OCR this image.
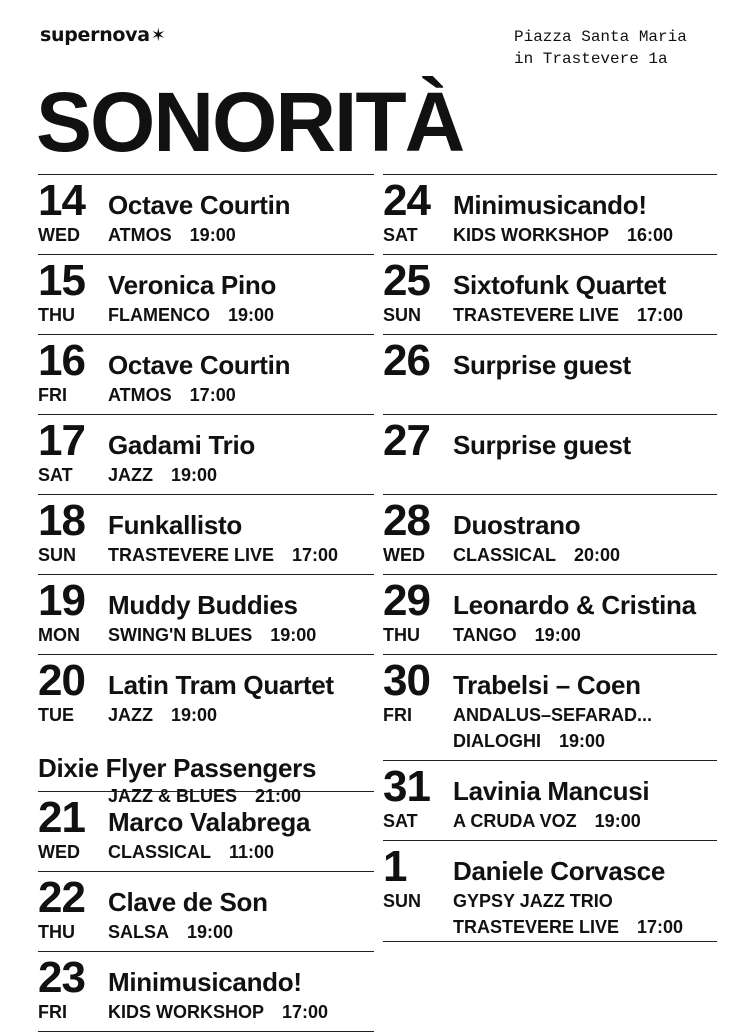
supernova✶	Piazza Santa Maria
in Trastevere 1a
SONORITÀ
14 Octave Courtin
WED ATMOS 19:00
15 Veronica Pino
THU FLAMENCO 19:00
16 Octave Courtin
FRI ATMOS 17:00
17 Gadami Trio
SAT JAZZ 19:00
18 Funkallisto
SUN TRASTEVERE LIVE 17:00
19 Muddy Buddies
MON SWING'N BLUES 19:00
20 Latin Tram Quartet
TUE JAZZ 19:00
Dixie Flyer Passengers
JAZZ & BLUES 21:00
21 Marco Valabrega
WED CLASSICAL 11:00
22 Clave de Son
THU SALSA 19:00
23 Minimusicando!
FRI KIDS WORKSHOP 17:00
24 Minimusicando!
SAT KIDS WORKSHOP 16:00
25 Sixtofunk Quartet
SUN TRASTEVERE LIVE 17:00
26 Surprise guest
27 Surprise guest
28 Duostrano
WED CLASSICAL 20:00
29 Leonardo & Cristina
THU TANGO 19:00
30 Trabelsi – Coen
FRI ANDALUS–SEFARAD...
DIALOGHI 19:00
31 Lavinia Mancusi
SAT A CRUDA VOZ 19:00
1 Daniele Corvasce
SUN GYPSY JAZZ TRIO
TRASTEVERE LIVE 17:00
